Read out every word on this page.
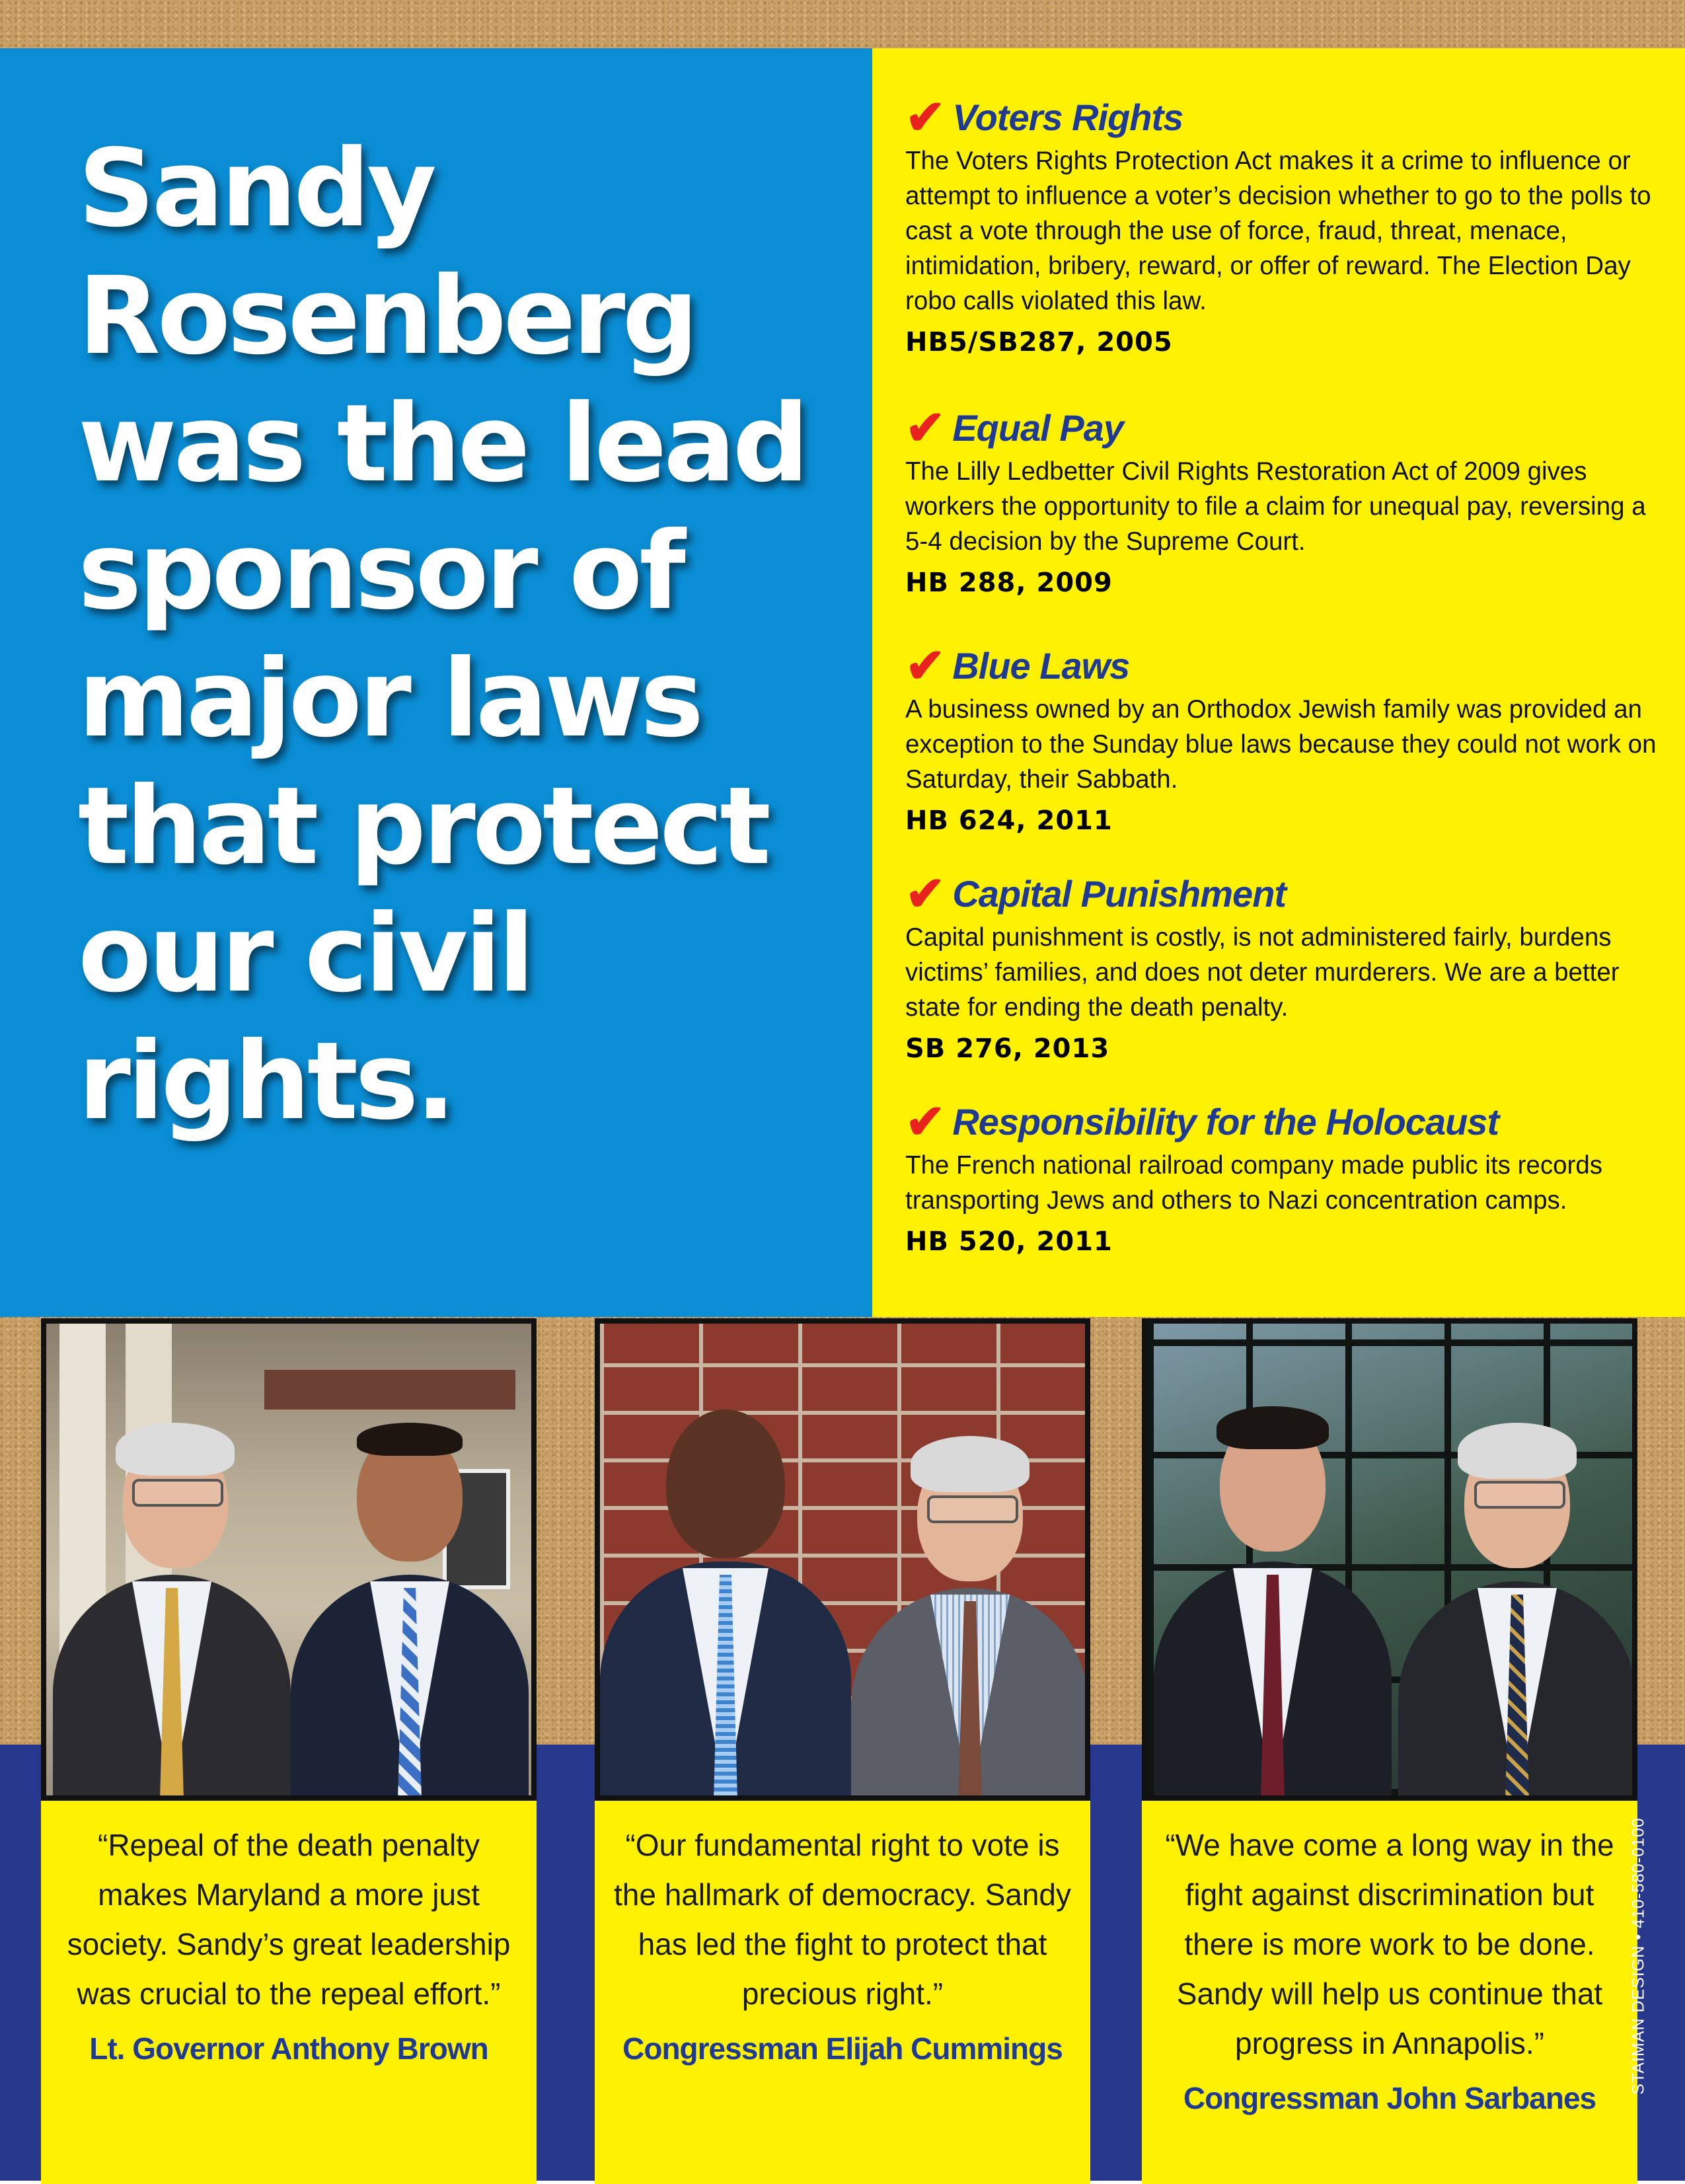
Sandy Rosenberg was the lead sponsor of major laws that protect our civil rights.
✔ Voters Rights

The Voters Rights Protection Act makes it a crime to influence or attempt to influence a voter’s decision whether to go to the polls to cast a vote through the use of force, fraud, threat, menace, intimidation, bribery, reward, or offer of reward. The Election Day robo calls violated this law.

HB5/SB287, 2005

✔ Equal Pay

The Lilly Ledbetter Civil Rights Restoration Act of 2009 gives workers the opportunity to file a claim for unequal pay, reversing a 5-4 decision by the Supreme Court.

HB 288, 2009

✔ Blue Laws

A business owned by an Orthodox Jewish family was provided an exception to the Sunday blue laws because they could not work on Saturday, their Sabbath.

HB 624, 2011

✔ Capital Punishment

Capital punishment is costly, is not administered fairly, burdens victims’ families, and does not deter murderers. We are a better state for ending the death penalty.

SB 276, 2013

✔ Responsibility for the Holocaust

The French national railroad company made public its records transporting Jews and others to Nazi concentration camps.

HB 520, 2011

“Repeal of the death penalty makes Maryland a more just society. Sandy’s great leadership was crucial to the repeal effort.”

Lt. Governor Anthony Brown

“Our fundamental right to vote is the hallmark of democracy. Sandy has led the fight to protect that precious right.”

Congressman Elijah Cummings

“We have come a long way in the fight against discrimination but there is more work to be done. Sandy will help us continue that progress in Annapolis.”

Congressman John Sarbanes

STAIMAN DESIGN • 410-580-0100
